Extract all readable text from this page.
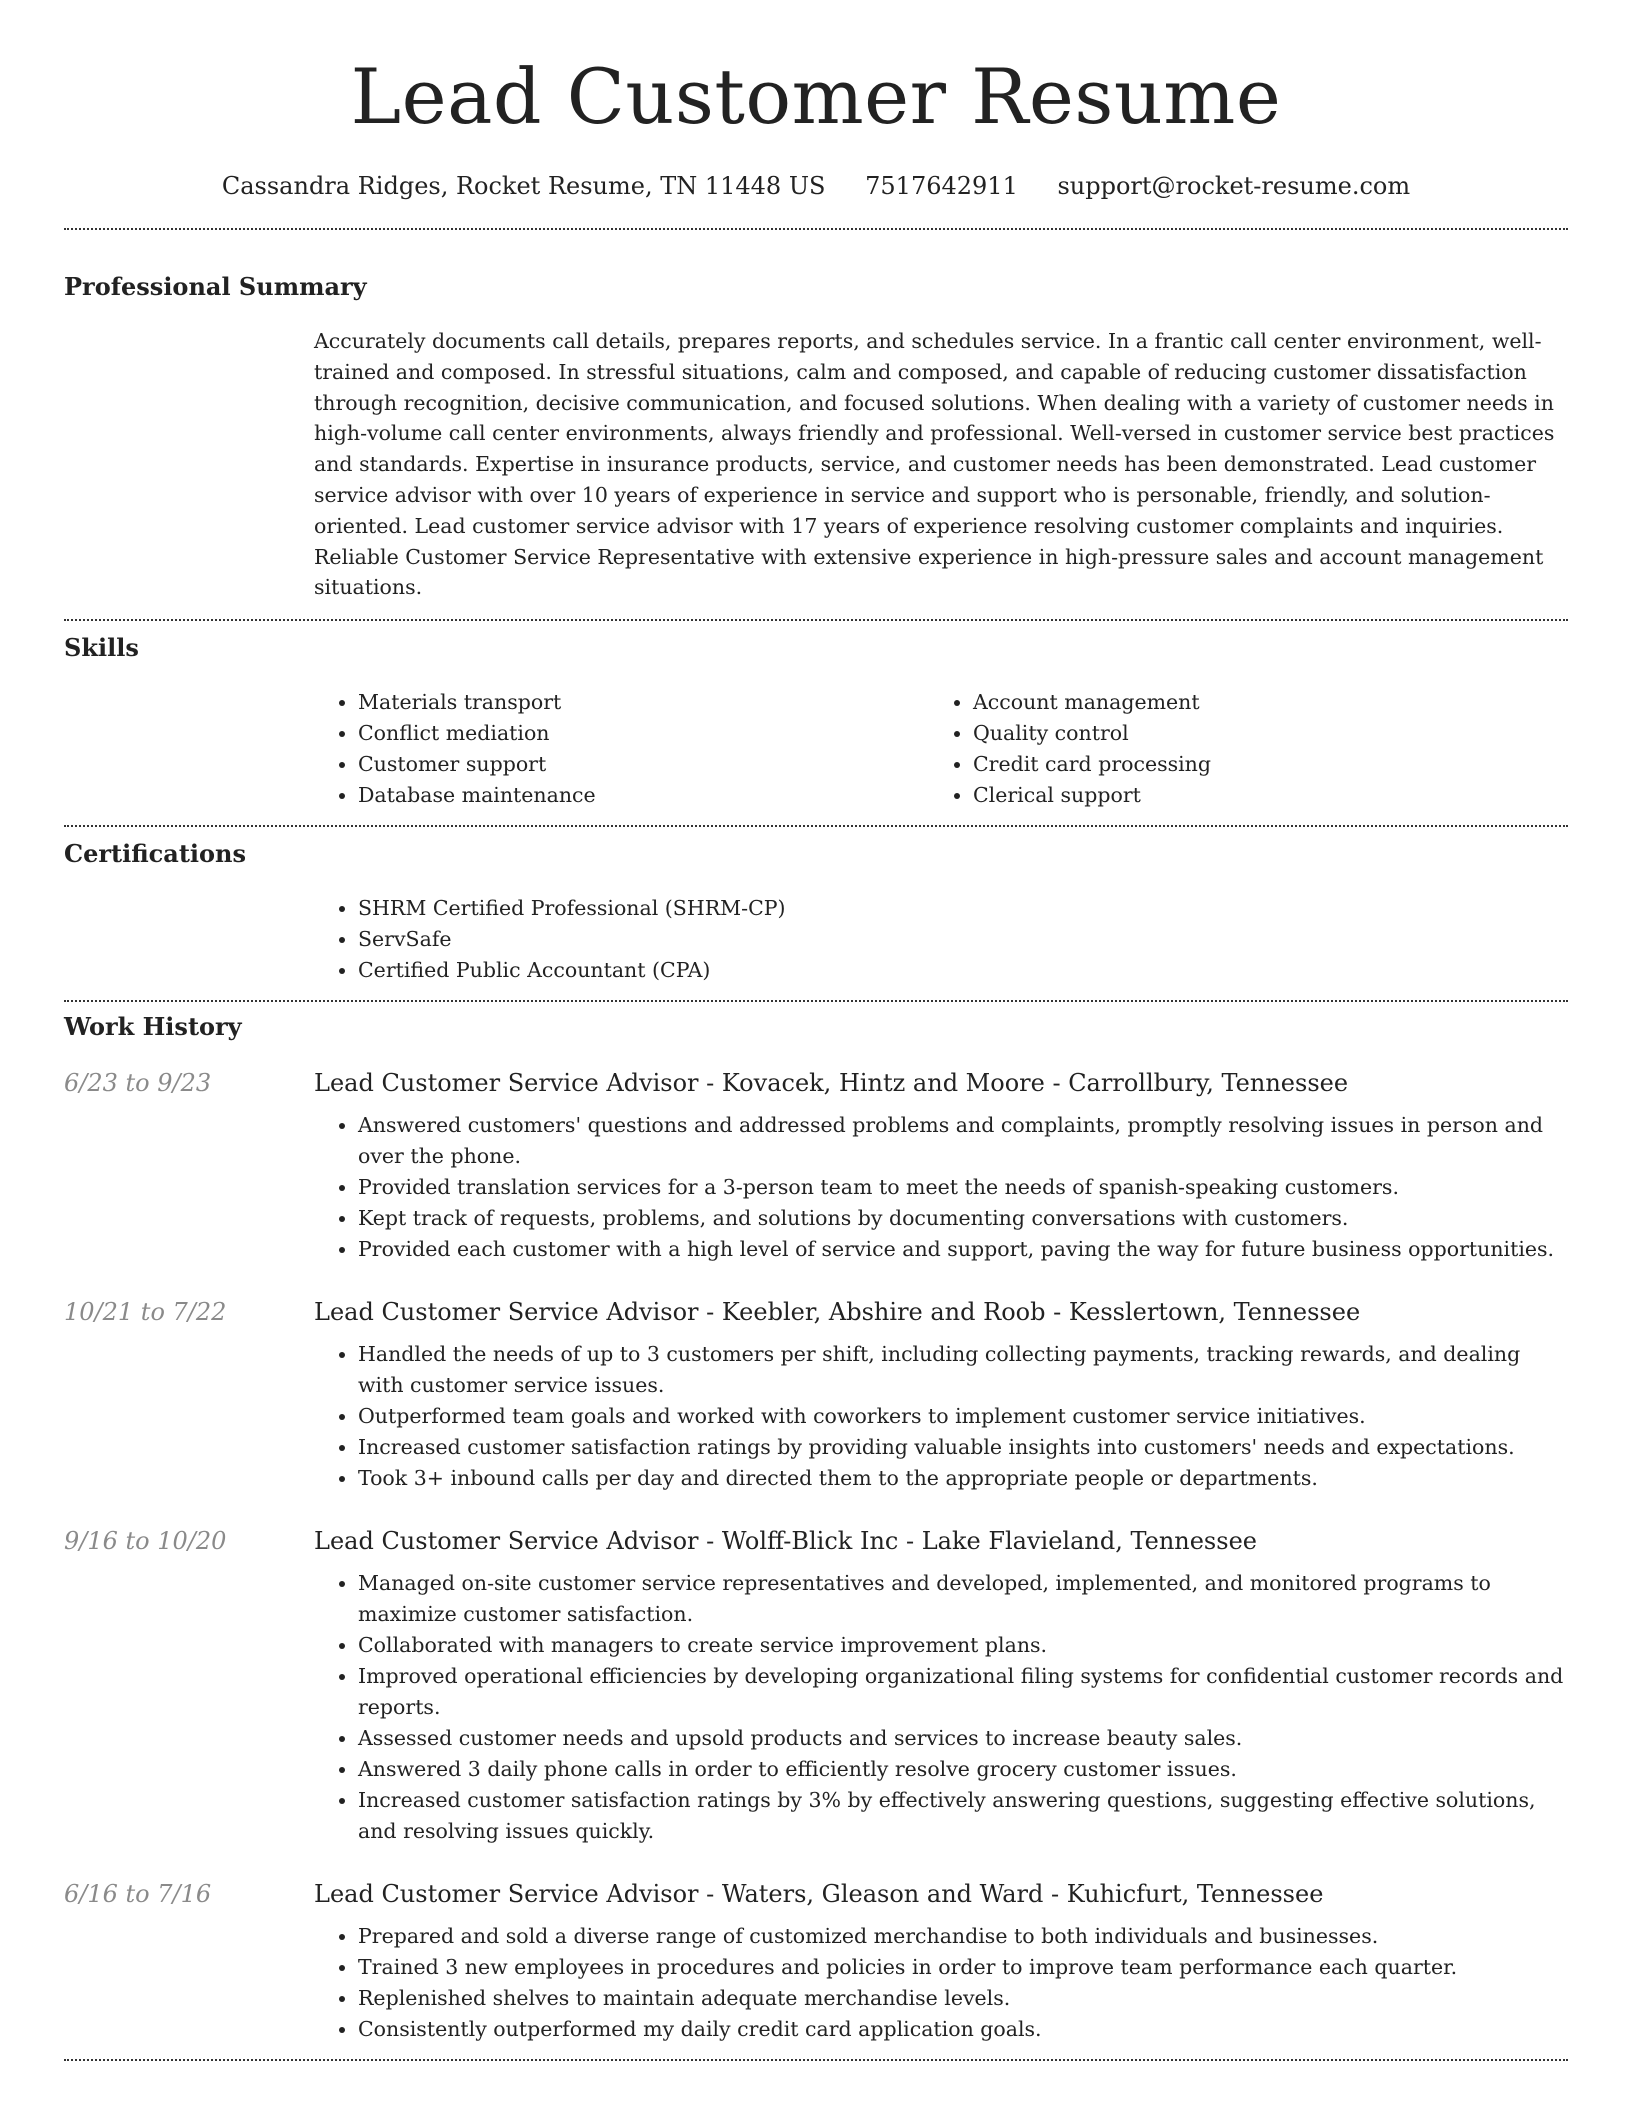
Lead Customer Resume
Cassandra Ridges, Rocket Resume, TN 11448 US 7517642911 support@rocket-resume.com
Professional Summary

Accurately documents call details, prepares reports, and schedules service. In a frantic call center environment, well-trained and composed. In stressful situations, calm and composed, and capable of reducing customer dissatisfaction through recognition, decisive communication, and focused solutions. When dealing with a variety of customer needs in high-volume call center environments, always friendly and professional. Well-versed in customer service best practices and standards. Expertise in insurance products, service, and customer needs has been demonstrated. Lead customer service advisor with over 10 years of experience in service and support who is personable, friendly, and solution-oriented. Lead customer service advisor with 17 years of experience resolving customer complaints and inquiries. Reliable Customer Service Representative with extensive experience in high-pressure sales and account management situations.

Skills
• Materials transport
• Conflict mediation
• Customer support
• Database maintenance
• Account management
• Quality control
• Credit card processing
• Clerical support
Certifications
• SHRM Certified Professional (SHRM-CP)
• ServSafe
• Certified Public Accountant (CPA)
Work History
6/23 to 9/23	Lead Customer Service Advisor - Kovacek, Hintz and Moore - Carrollbury, Tennessee
• Answered customers' questions and addressed problems and complaints, promptly resolving issues in person and over the phone.
• Provided translation services for a 3-person team to meet the needs of spanish-speaking customers.
• Kept track of requests, problems, and solutions by documenting conversations with customers.
• Provided each customer with a high level of service and support, paving the way for future business opportunities.
10/21 to 7/22	Lead Customer Service Advisor - Keebler, Abshire and Roob - Kesslertown, Tennessee
• Handled the needs of up to 3 customers per shift, including collecting payments, tracking rewards, and dealing with customer service issues.
• Outperformed team goals and worked with coworkers to implement customer service initiatives.
• Increased customer satisfaction ratings by providing valuable insights into customers' needs and expectations.
• Took 3+ inbound calls per day and directed them to the appropriate people or departments.
9/16 to 10/20	Lead Customer Service Advisor - Wolff-Blick Inc - Lake Flavieland, Tennessee
• Managed on-site customer service representatives and developed, implemented, and monitored programs to maximize customer satisfaction.
• Collaborated with managers to create service improvement plans.
• Improved operational efficiencies by developing organizational filing systems for confidential customer records and reports.
• Assessed customer needs and upsold products and services to increase beauty sales.
• Answered 3 daily phone calls in order to efficiently resolve grocery customer issues.
• Increased customer satisfaction ratings by 3% by effectively answering questions, suggesting effective solutions, and resolving issues quickly.
6/16 to 7/16	Lead Customer Service Advisor - Waters, Gleason and Ward - Kuhicfurt, Tennessee
• Prepared and sold a diverse range of customized merchandise to both individuals and businesses.
• Trained 3 new employees in procedures and policies in order to improve team performance each quarter.
• Replenished shelves to maintain adequate merchandise levels.
• Consistently outperformed my daily credit card application goals.
